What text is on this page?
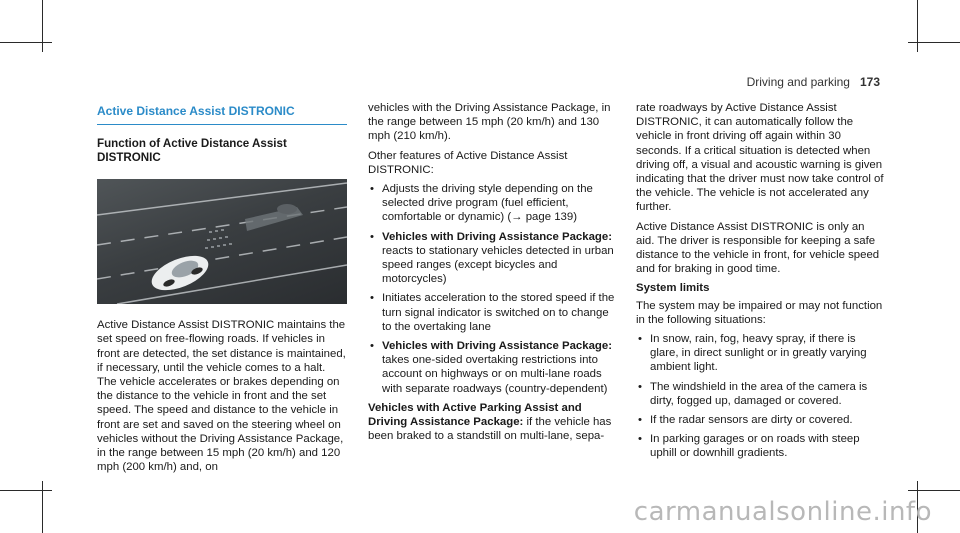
Driving and parking 173
Active Distance Assist DISTRONIC
Function of Active Distance Assist DISTRONIC

Active Distance Assist DISTRONIC maintains the set speed on free-flowing roads. If vehicles in front are detected, the set distance is maintained, if necessary, until the vehicle comes to a halt. The vehicle accelerates or brakes depending on the distance to the vehicle in front and the set speed. The speed and distance to the vehicle in front are set and saved on the steering wheel on vehicles without the Driving Assistance Package, in the range between 15 mph (20 km/h) and 120 mph (200 km/h) and, on

vehicles with the Driving Assistance Package, in the range between 15 mph (20 km/h) and 130 mph (210 km/h).

Other features of Active Distance Assist DISTRONIC:

• Adjusts the driving style depending on the selected drive program (fuel efficient, comfortable or dynamic) (→ page 139)
• Vehicles with Driving Assistance Package: reacts to stationary vehicles detected in urban speed ranges (except bicycles and motorcycles)
• Initiates acceleration to the stored speed if the turn signal indicator is switched on to change to the overtaking lane
• Vehicles with Driving Assistance Package: takes one-sided overtaking restrictions into account on highways or on multi-lane roads with separate roadways (country-dependent)

Vehicles with Active Parking Assist and Driving Assistance Package: if the vehicle has been braked to a standstill on multi-lane, sepa-

rate roadways by Active Distance Assist DISTRONIC, it can automatically follow the vehicle in front driving off again within 30 seconds. If a critical situation is detected when driving off, a visual and acoustic warning is given indicating that the driver must now take control of the vehicle. The vehicle is not accelerated any further.

Active Distance Assist DISTRONIC is only an aid. The driver is responsible for keeping a safe distance to the vehicle in front, for vehicle speed and for braking in good time.

System limits

The system may be impaired or may not function in the following situations:

• In snow, rain, fog, heavy spray, if there is glare, in direct sunlight or in greatly varying ambient light.
• The windshield in the area of the camera is dirty, fogged up, damaged or covered.
• If the radar sensors are dirty or covered.
• In parking garages or on roads with steep uphill or downhill gradients.
carmanualsonline.info
